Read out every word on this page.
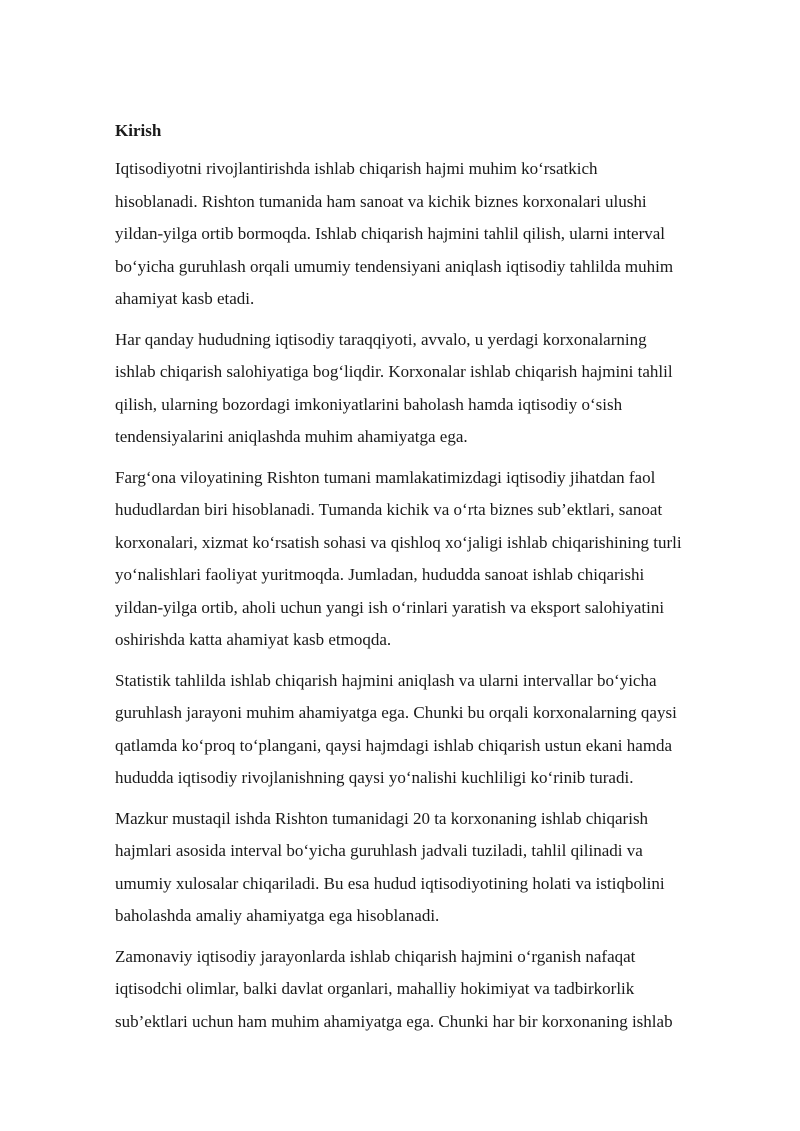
Kirish
Iqtisodiyotni rivojlantirishda ishlab chiqarish hajmi muhim ko‘rsatkich
hisoblanadi. Rishton tumanida ham sanoat va kichik biznes korxonalari ulushi
yildan-yilga ortib bormoqda. Ishlab chiqarish hajmini tahlil qilish, ularni interval
bo‘yicha guruhlash orqali umumiy tendensiyani aniqlash iqtisodiy tahlilda muhim
ahamiyat kasb etadi.
Har qanday hududning iqtisodiy taraqqiyoti, avvalo, u yerdagi korxonalarning
ishlab chiqarish salohiyatiga bog‘liqdir. Korxonalar ishlab chiqarish hajmini tahlil
qilish, ularning bozordagi imkoniyatlarini baholash hamda iqtisodiy o‘sish
tendensiyalarini aniqlashda muhim ahamiyatga ega.
Farg‘ona viloyatining Rishton tumani mamlakatimizdagi iqtisodiy jihatdan faol
hududlardan biri hisoblanadi. Tumanda kichik va o‘rta biznes sub’ektlari, sanoat
korxonalari, xizmat ko‘rsatish sohasi va qishloq xo‘jaligi ishlab chiqarishining turli
yo‘nalishlari faoliyat yuritmoqda. Jumladan, hududda sanoat ishlab chiqarishi
yildan-yilga ortib, aholi uchun yangi ish o‘rinlari yaratish va eksport salohiyatini
oshirishda katta ahamiyat kasb etmoqda.
Statistik tahlilda ishlab chiqarish hajmini aniqlash va ularni intervallar bo‘yicha
guruhlash jarayoni muhim ahamiyatga ega. Chunki bu orqali korxonalarning qaysi
qatlamda ko‘proq to‘plangani, qaysi hajmdagi ishlab chiqarish ustun ekani hamda
hududda iqtisodiy rivojlanishning qaysi yo‘nalishi kuchliligi ko‘rinib turadi.
Mazkur mustaqil ishda Rishton tumanidagi 20 ta korxonaning ishlab chiqarish
hajmlari asosida interval bo‘yicha guruhlash jadvali tuziladi, tahlil qilinadi va
umumiy xulosalar chiqariladi. Bu esa hudud iqtisodiyotining holati va istiqbolini
baholashda amaliy ahamiyatga ega hisoblanadi.
Zamonaviy iqtisodiy jarayonlarda ishlab chiqarish hajmini o‘rganish nafaqat
iqtisodchi olimlar, balki davlat organlari, mahalliy hokimiyat va tadbirkorlik
sub’ektlari uchun ham muhim ahamiyatga ega. Chunki har bir korxonaning ishlab
